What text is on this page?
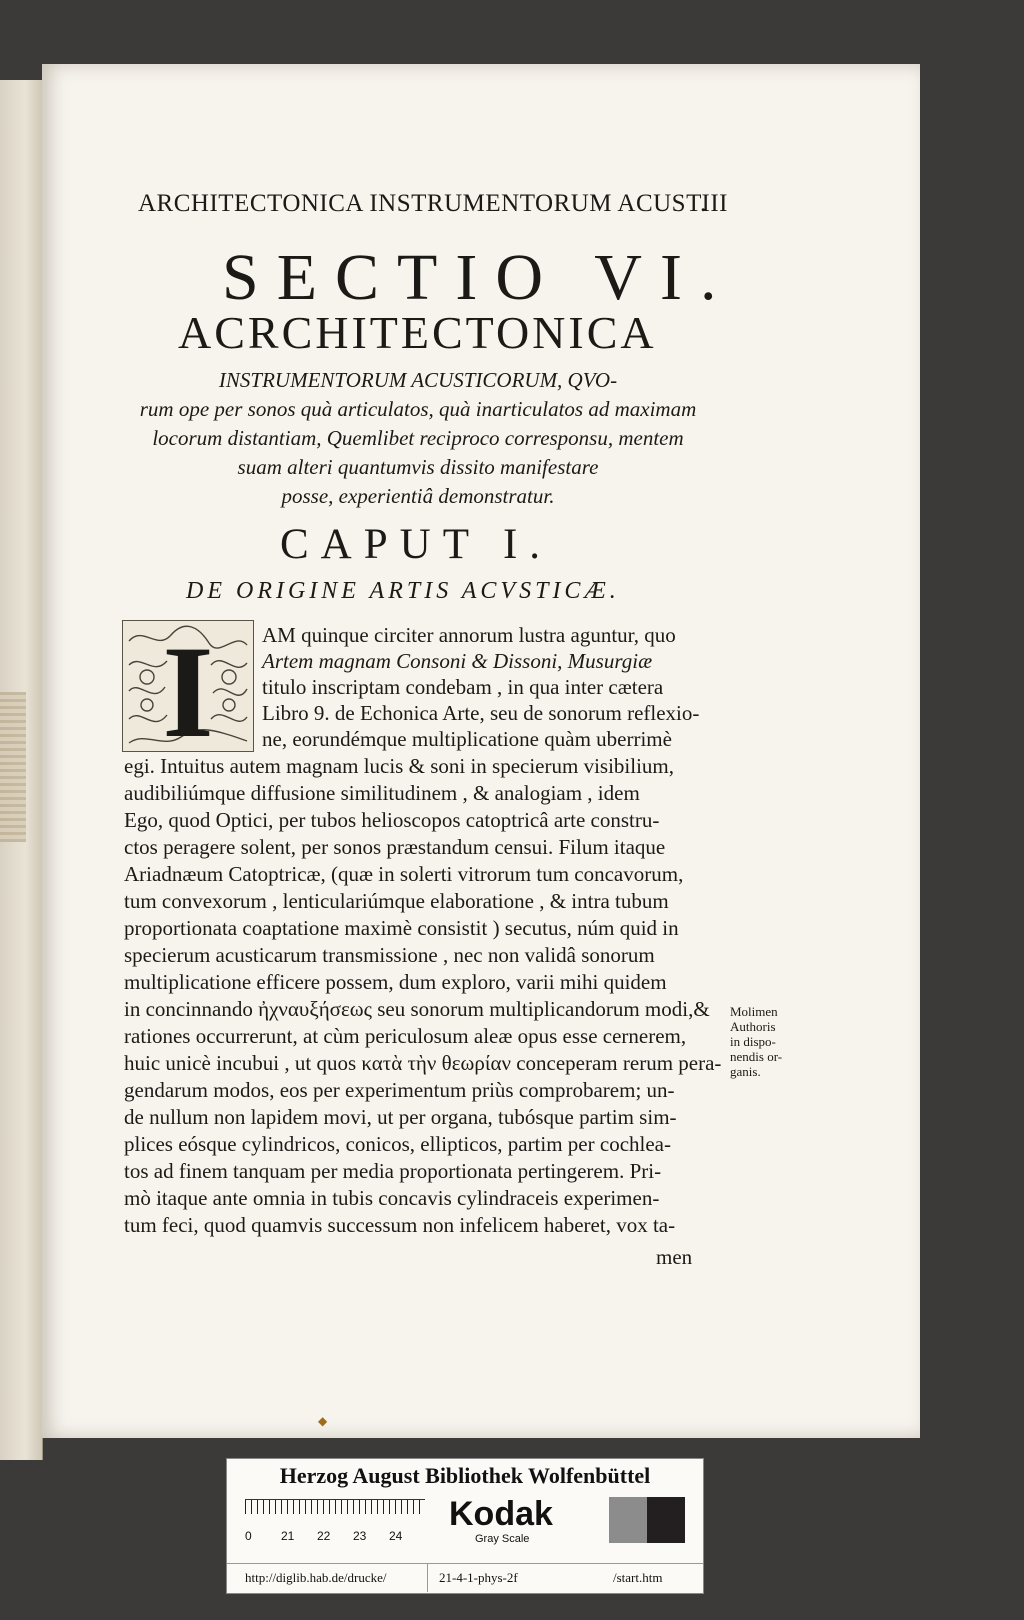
ARCHITECTONICA INSTRUMENTORUM ACUST.
III
SECTIO VI.
ACRCHITECTONICA
INSTRUMENTORUM ACUSTICORUM, QVO-
rum ope per sonos quà articulatos, quà inarticulatos ad maximam
locorum distantiam, Quemlibet reciproco corresponsu, mentem
suam alteri quantumvis dissito manifestare
posse, experientiâ demonstratur.
CAPUT I.
DE ORIGINE ARTIS ACVSTICÆ.
I	AM quinque circiter annorum lustra aguntur, quo
Artem magnam Consoni & Dissoni, Musurgiæ
titulo inscriptam condebam , in qua inter cætera
Libro 9. de Echonica Arte, seu de sonorum reflexio-
ne, eorundémque multiplicatione quàm uberrimè
egi. Intuitus autem magnam lucis & soni in specierum visibilium,
audibiliúmque diffusione similitudinem , & analogiam , idem
Ego, quod Optici, per tubos helioscopos catoptricâ arte constru-
ctos peragere solent, per sonos præstandum censui. Filum itaque
Ariadnæum Catoptricæ, (quæ in solerti vitrorum tum concavorum,
tum convexorum , lenticulariúmque elaboratione , & intra tubum
proportionata coaptatione maximè consistit ) secutus, núm quid in
specierum acusticarum transmissione , nec non validâ sonorum
multiplicatione efficere possem, dum exploro, varii mihi quidem
in concinnando ἠχναυξήσεως seu sonorum multiplicandorum modi,&
rationes occurrerunt, at cùm periculosum aleæ opus esse cernerem,
huic unicè incubui , ut quos κατὰ τὴν θεωρίαν conceperam rerum pera-
gendarum modos, eos per experimentum priùs comprobarem; un-
de nullum non lapidem movi, ut per organa, tubósque partim sim-
plices eósque cylindricos, conicos, ellipticos, partim per cochlea-
tos ad finem tanquam per media proportionata pertingerem. Pri-
mò itaque ante omnia in tubis concavis cylindraceis experimen-
tum feci, quod quamvis successum non infelicem haberet, vox ta-
men
Molimen
Authoris
in dispo-
nendis or-
ganis.
◆
Herzog August Bibliothek Wolfenbüttel
0 21 22 23 24
Kodak
Gray Scale
http://diglib.hab.de/drucke/	21-4-1-phys-2f	/start.htm
